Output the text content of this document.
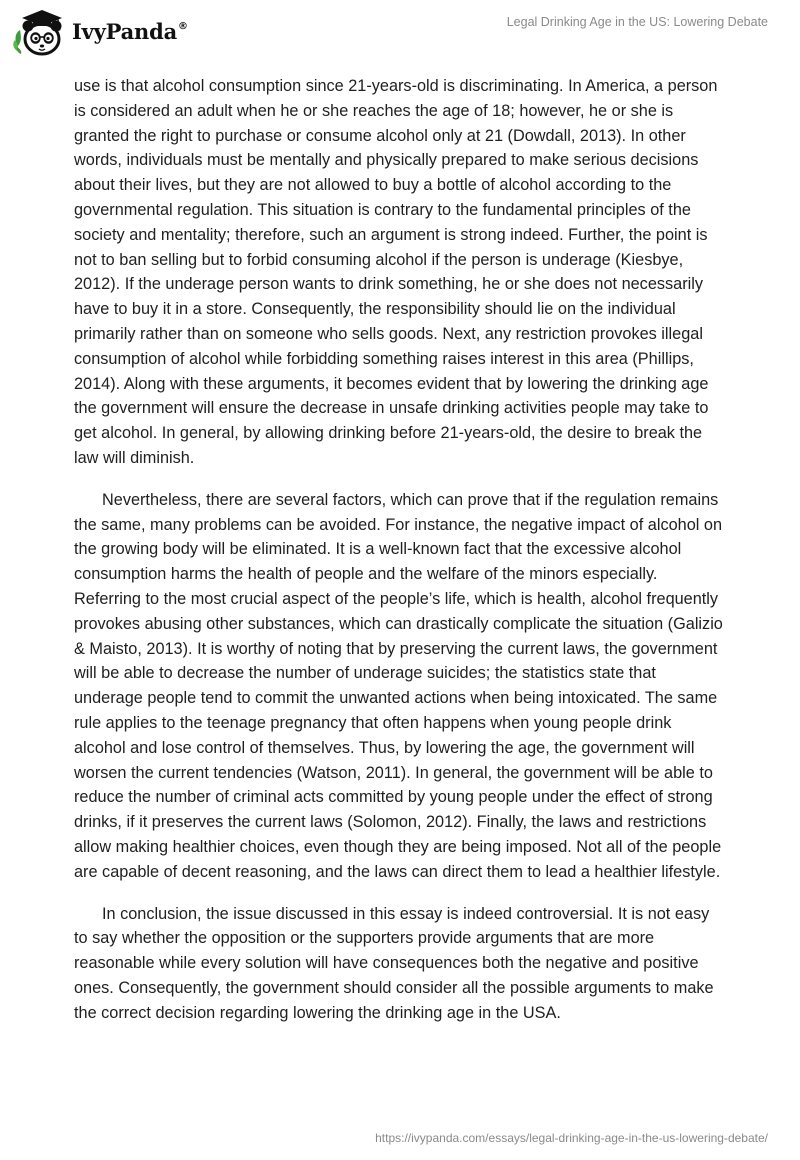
IvyPanda®	Legal Drinking Age in the US: Lowering Debate

use is that alcohol consumption since 21-years-old is discriminating. In America, a person is considered an adult when he or she reaches the age of 18; however, he or she is granted the right to purchase or consume alcohol only at 21 (Dowdall, 2013). In other words, individuals must be mentally and physically prepared to make serious decisions about their lives, but they are not allowed to buy a bottle of alcohol according to the governmental regulation. This situation is contrary to the fundamental principles of the society and mentality; therefore, such an argument is strong indeed. Further, the point is not to ban selling but to forbid consuming alcohol if the person is underage (Kiesbye, 2012). If the underage person wants to drink something, he or she does not necessarily have to buy it in a store. Consequently, the responsibility should lie on the individual primarily rather than on someone who sells goods. Next, any restriction provokes illegal consumption of alcohol while forbidding something raises interest in this area (Phillips, 2014). Along with these arguments, it becomes evident that by lowering the drinking age the government will ensure the decrease in unsafe drinking activities people may take to get alcohol. In general, by allowing drinking before 21-years-old, the desire to break the law will diminish.

Nevertheless, there are several factors, which can prove that if the regulation remains the same, many problems can be avoided. For instance, the negative impact of alcohol on the growing body will be eliminated. It is a well-known fact that the excessive alcohol consumption harms the health of people and the welfare of the minors especially. Referring to the most crucial aspect of the people’s life, which is health, alcohol frequently provokes abusing other substances, which can drastically complicate the situation (Galizio & Maisto, 2013). It is worthy of noting that by preserving the current laws, the government will be able to decrease the number of underage suicides; the statistics state that underage people tend to commit the unwanted actions when being intoxicated. The same rule applies to the teenage pregnancy that often happens when young people drink alcohol and lose control of themselves. Thus, by lowering the age, the government will worsen the current tendencies (Watson, 2011). In general, the government will be able to reduce the number of criminal acts committed by young people under the effect of strong drinks, if it preserves the current laws (Solomon, 2012). Finally, the laws and restrictions allow making healthier choices, even though they are being imposed. Not all of the people are capable of decent reasoning, and the laws can direct them to lead a healthier lifestyle.

In conclusion, the issue discussed in this essay is indeed controversial. It is not easy to say whether the opposition or the supporters provide arguments that are more reasonable while every solution will have consequences both the negative and positive ones. Consequently, the government should consider all the possible arguments to make the correct decision regarding lowering the drinking age in the USA.

https://ivypanda.com/essays/legal-drinking-age-in-the-us-lowering-debate/
